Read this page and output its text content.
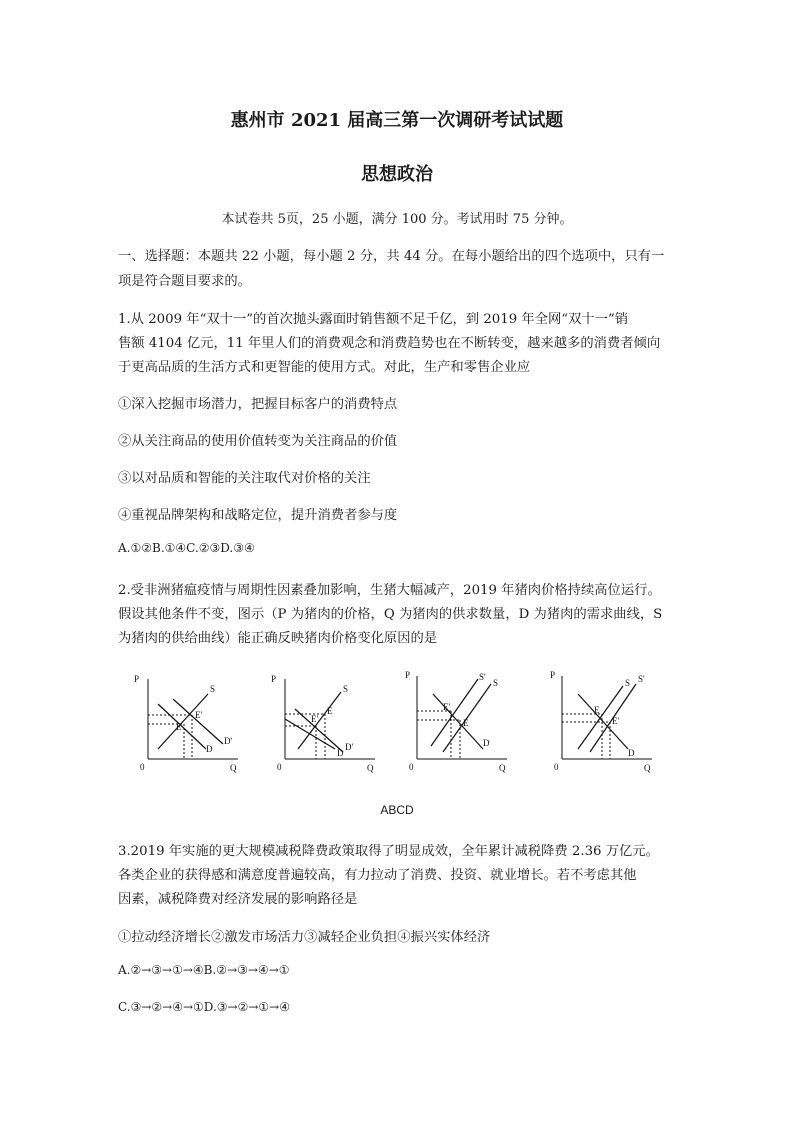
惠州市 2021 届高三第一次调研考试试题
思想政治
本试卷共 5页，25 小题，满分 100 分。考试用时 75 分钟。
一、选择题：本题共 22 小题，每小题 2 分，共 44 分。在每小题给出的四个选项中，只有一
项是符合题目要求的。
1.从 2009 年“双十一”的首次抛头露面时销售额不足千亿，到 2019 年全网“双十一”销
售额 4104 亿元，11 年里人们的消费观念和消费趋势也在不断转变，越来越多的消费者倾向
于更高品质的生活方式和更智能的使用方式。对此，生产和零售企业应
①深入挖掘市场潜力，把握目标客户的消费特点
②从关注商品的使用价值转变为关注商品的价值
③以对品质和智能的关注取代对价格的关注
④重视品牌架构和战略定位，提升消费者参与度
A.①②B.①④C.②③D.③④
2.受非洲猪瘟疫情与周期性因素叠加影响，生猪大幅减产，2019 年猪肉价格持续高位运行。
假设其他条件不变，图示（P 为猪肉的价格，Q 为猪肉的供求数量，D 为猪肉的需求曲线，S
为猪肉的供给曲线）能正确反映猪肉价格变化原因的是
P
Q
0
S
D
D'
E
E'
P
Q
0
S
D
D'
E
E'
P
Q
0
S
S'
D
E
E'
P
Q
0
S S'
D
E
E'
ABCD
3.2019 年实施的更大规模减税降费政策取得了明显成效，全年累计减税降费 2.36 万亿元。
各类企业的获得感和满意度普遍较高，有力拉动了消费、投资、就业增长。若不考虑其他
因素，减税降费对经济发展的影响路径是
①拉动经济增长②激发市场活力③减轻企业负担④振兴实体经济
A.②→③→①→④B.②→③→④→①
C.③→②→④→①D.③→②→①→④
